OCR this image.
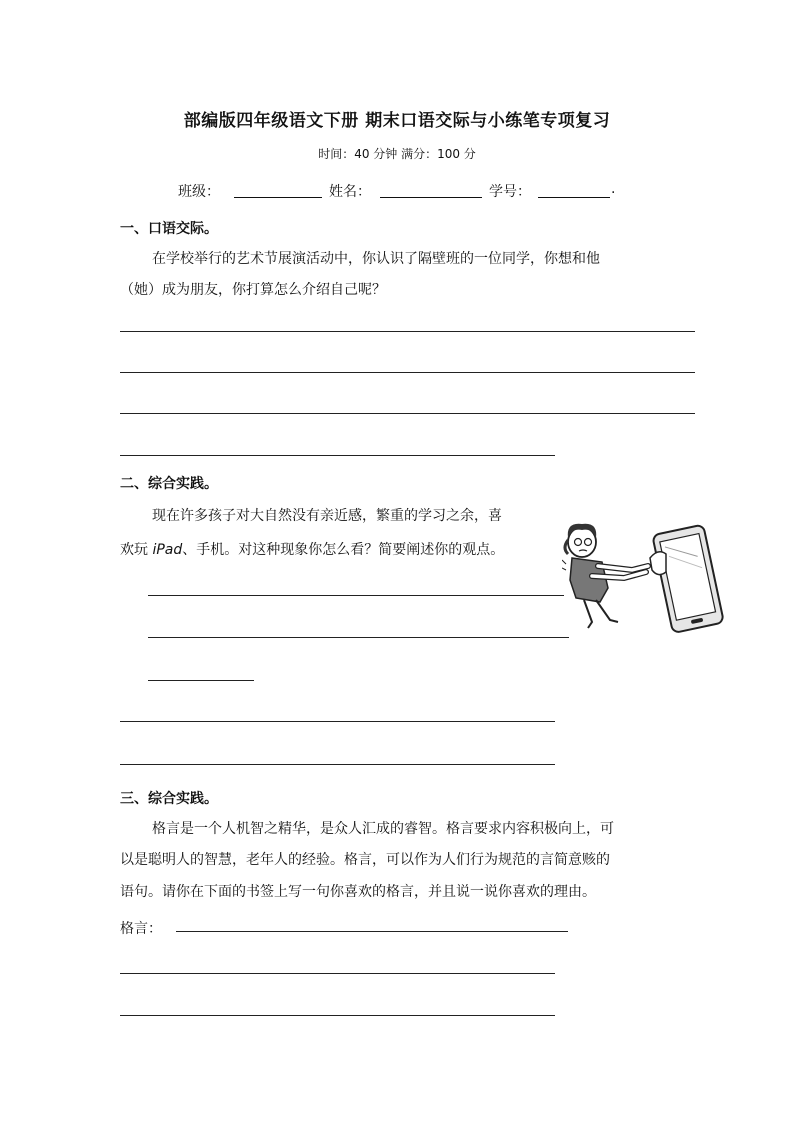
部编版四年级语文下册 期末口语交际与小练笔专项复习
时间：40 分钟 满分：100 分
班级：	姓名：	学号：	.
一、口语交际。
在学校举行的艺术节展演活动中，你认识了隔壁班的一位同学，你想和他
（她）成为朋友，你打算怎么介绍自己呢？
二、综合实践。
现在许多孩子对大自然没有亲近感，繁重的学习之余，喜
欢玩 iPad、手机。对这种现象你怎么看？简要阐述你的观点。
三、综合实践。
格言是一个人机智之精华，是众人汇成的睿智。格言要求内容积极向上，可
以是聪明人的智慧，老年人的经验。格言，可以作为人们行为规范的言简意赅的
语句。请你在下面的书签上写一句你喜欢的格言，并且说一说你喜欢的理由。
格言：
